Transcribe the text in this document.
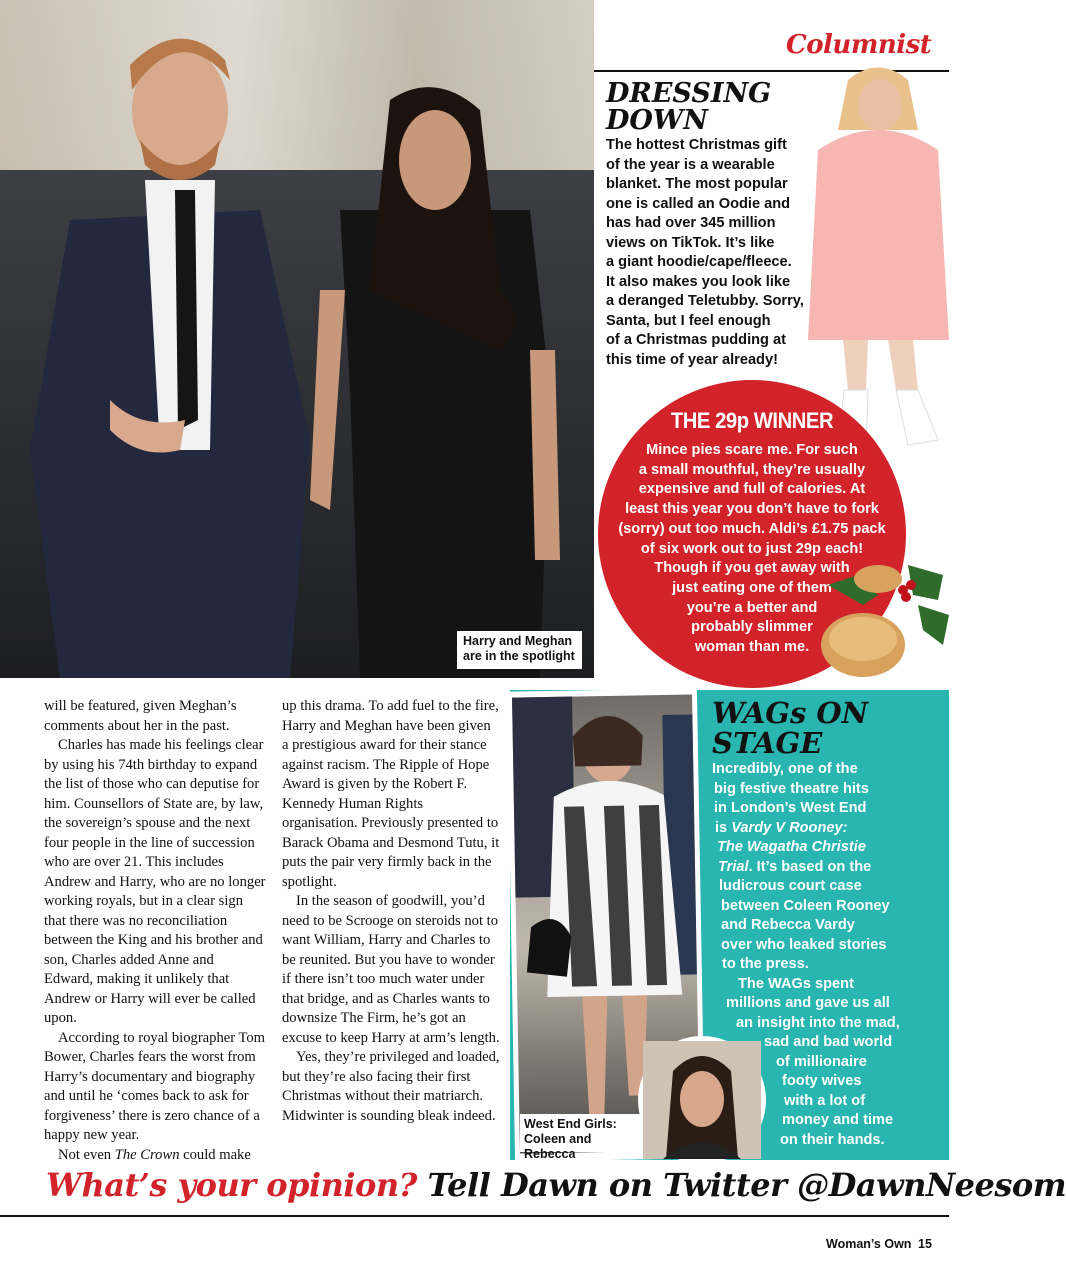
Harry and Meghan are in the spotlight
Columnist
DRESSING
DOWN
The hottest Christmas gift
of the year is a wearable
blanket. The most popular
one is called an Oodie and
has had over 345 million
views on TikTok. It’s like
a giant hoodie/cape/fleece.
It also makes you look like
a deranged Teletubby. Sorry,
Santa, but I feel enough
of a Christmas pudding at
this time of year already!
THE 29p WINNER
Mince pies scare me. For such
a small mouthful, they’re usually
expensive and full of calories. At
least this year you don’t have to fork
(sorry) out too much. Aldi’s £1.75 pack
of six work out to just 29p each!
Though if you get away with
just eating one of them
you’re a better and
probably slimmer
woman than me.

will be featured, given Meghan’s comments about her in the past.

Charles has made his feelings clear by using his 74th birthday to expand the list of those who can deputise for him. Counsellors of State are, by law, the sovereign’s spouse and the next four people in the line of succession who are over 21. This includes Andrew and Harry, who are no longer working royals, but in a clear sign that there was no reconciliation between the King and his brother and son, Charles added Anne and Edward, making it unlikely that Andrew or Harry will ever be called upon.

According to royal biographer Tom Bower, Charles fears the worst from Harry’s documentary and biography and until he ‘comes back to ask for forgiveness’ there is zero chance of a happy new year.

Not even The Crown could make

up this drama. To add fuel to the fire, Harry and Meghan have been given a prestigious award for their stance against racism. The Ripple of Hope Award is given by the Robert F. Kennedy Human Rights organisation. Previously presented to Barack Obama and Desmond Tutu, it puts the pair very firmly back in the spotlight.

In the season of goodwill, you’d need to be Scrooge on steroids not to want William, Harry and Charles to be reunited. But you have to wonder if there isn’t too much water under that bridge, and as Charles wants to downsize The Firm, he’s got an excuse to keep Harry at arm’s length.

Yes, they’re privileged and loaded, but they’re also facing their first Christmas without their matriarch. Midwinter is sounding bleak indeed.

West End Girls: Coleen and Rebecca
WAGs ON
STAGE
Incredibly, one of the
big festive theatre hits
in London’s West End
is Vardy V Rooney:
The Wagatha Christie
Trial. It’s based on the
ludicrous court case
between Coleen Rooney
and Rebecca Vardy
over who leaked stories
to the press.
The WAGs spent
millions and gave us all
an insight into the mad,
sad and bad world
of millionaire
footy wives
with a lot of
money and time
on their hands.
What’s your opinion? Tell Dawn on Twitter @DawnNeesom
Woman’s Own 15
